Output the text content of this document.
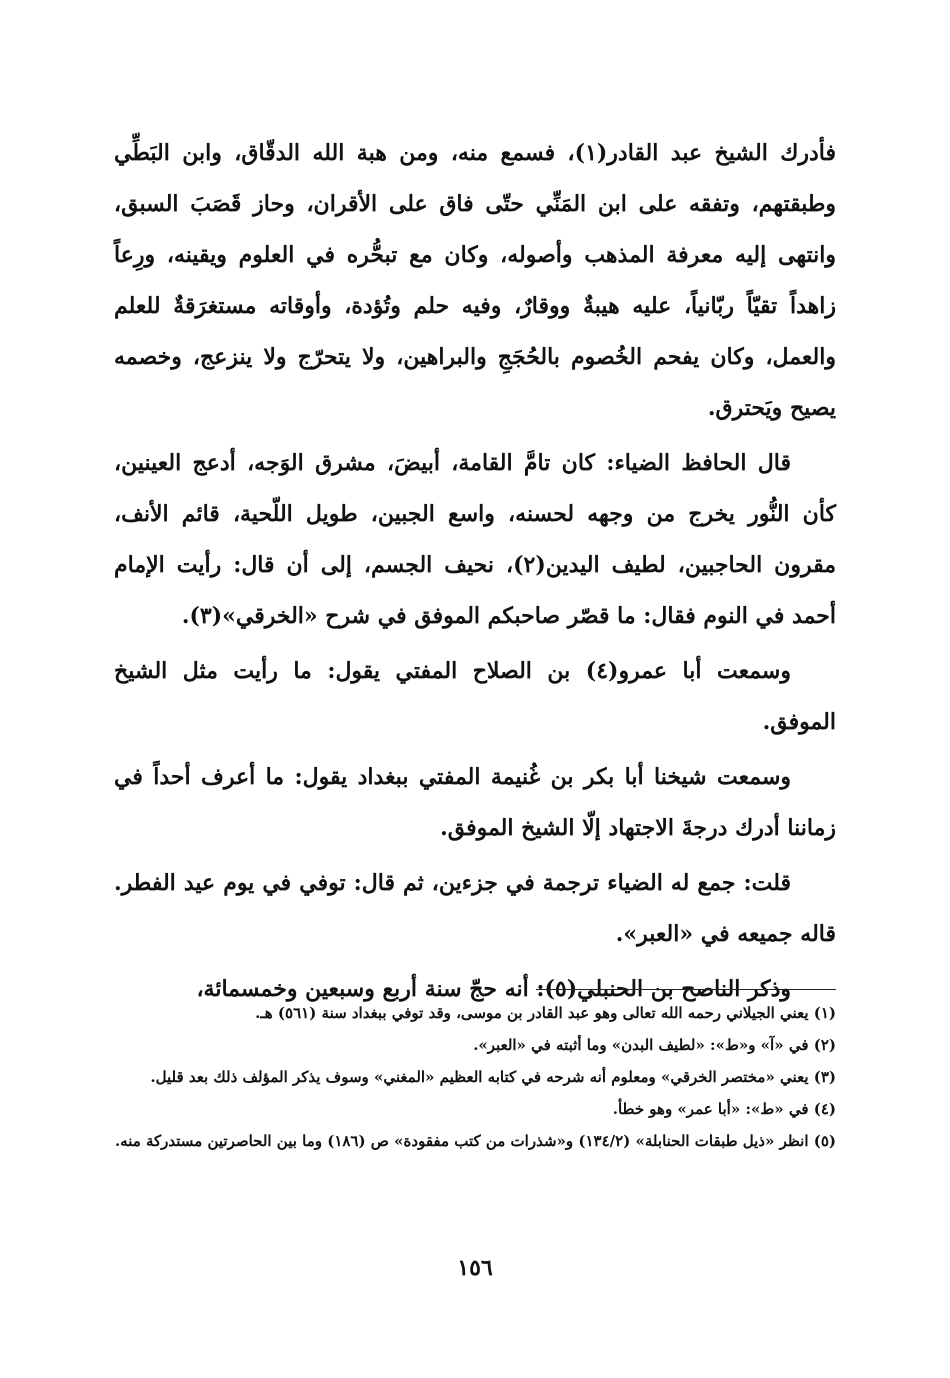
فأدرك الشيخ عبد القادر(١)، فسمع منه، ومن هبة الله الدقّاق، وابن البَطِّي وطبقتهم، وتفقه على ابن المَنِّي حتّى فاق على الأقران، وحاز قَصَبَ السبق، وانتهى إليه معرفة المذهب وأصوله، وكان مع تبحُّره في العلوم ويقينه، ورِعاً زاهداً تقيّاً ربّانياً، عليه هيبةٌ ووقارٌ، وفيه حلم وتُؤدة، وأوقاته مستغرَقةٌ للعلم والعمل، وكان يفحم الخُصوم بالحُجَجِ والبراهين، ولا يتحرّج ولا ينزعج، وخصمه يصيح ويَحترق.

قال الحافظ الضياء: كان تامَّ القامة، أبيضَ، مشرق الوَجه، أدعج العينين، كأن النُّور يخرج من وجهه لحسنه، واسع الجبين، طويل اللّحية، قائم الأنف، مقرون الحاجبين، لطيف اليدين(٢)، نحيف الجسم، إلى أن قال: رأيت الإمام أحمد في النوم فقال: ما قصّر صاحبكم الموفق في شرح «الخرقي»(٣).

وسمعت أبا عمرو(٤) بن الصلاح المفتي يقول: ما رأيت مثل الشيخ الموفق.

وسمعت شيخنا أبا بكر بن غُنيمة المفتي ببغداد يقول: ما أعرف أحداً في زماننا أدرك درجةَ الاجتهاد إلّا الشيخ الموفق.

قلت: جمع له الضياء ترجمة في جزءين، ثم قال: توفي في يوم عيد الفطر. قاله جميعه في «العبر».

وذكر الناصح بن الحنبلي(٥): أنه حجّ سنة أربع وسبعين وخمسمائة،

(١) يعني الجيلاني رحمه الله تعالى وهو عبد القادر بن موسى، وقد توفي ببغداد سنة (٥٦١) هـ.

(٢) في «آ» و«ط»: «لطيف البدن» وما أثبته في «العبر».

(٣) يعني «مختصر الخرقي» ومعلوم أنه شرحه في كتابه العظيم «المغني» وسوف يذكر المؤلف ذلك بعد قليل.

(٤) في «ط»: «أبا عمر» وهو خطأ.

(٥) انظر «ذيل طبقات الحنابلة» (١٣٤/٢) و«شذرات من كتب مفقودة» ص (١٨٦) وما بين الحاصرتين مستدركة منه.

١٥٦
